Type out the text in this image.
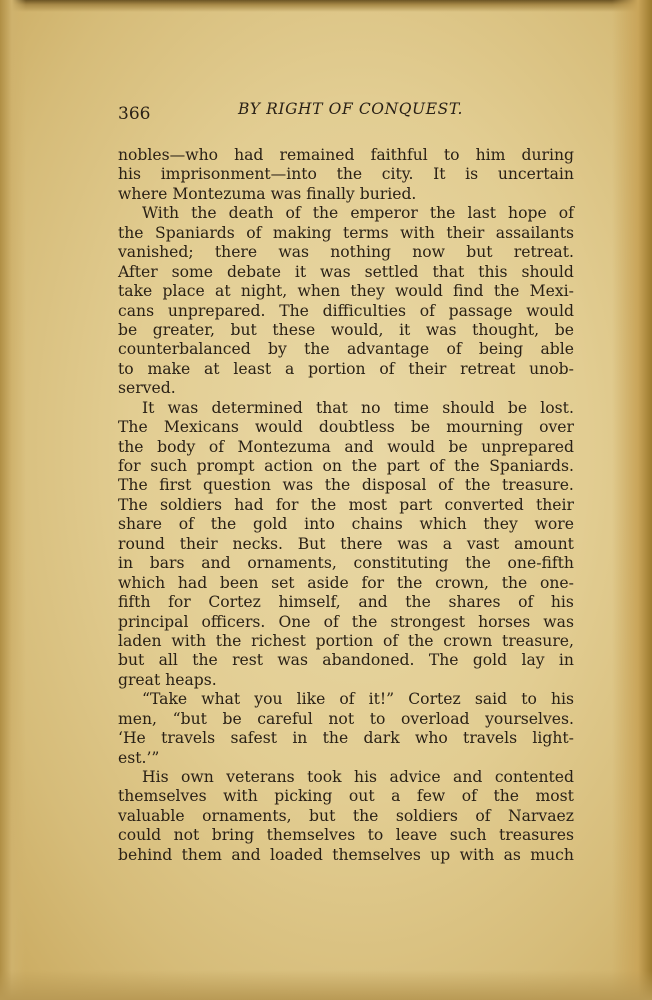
366	BY RIGHT OF CONQUEST.
nobles—who had remained faithful to him during
his imprisonment—into the city. It is uncertain
where Montezuma was finally buried.
With the death of the emperor the last hope of
the Spaniards of making terms with their assailants
vanished; there was nothing now but retreat.
After some debate it was settled that this should
take place at night, when they would find the Mexi-
cans unprepared. The difficulties of passage would
be greater, but these would, it was thought, be
counterbalanced by the advantage of being able
to make at least a portion of their retreat unob-
served.
It was determined that no time should be lost.
The Mexicans would doubtless be mourning over
the body of Montezuma and would be unprepared
for such prompt action on the part of the Spaniards.
The first question was the disposal of the treasure.
The soldiers had for the most part converted their
share of the gold into chains which they wore
round their necks. But there was a vast amount
in bars and ornaments, constituting the one-fifth
which had been set aside for the crown, the one-
fifth for Cortez himself, and the shares of his
principal officers. One of the strongest horses was
laden with the richest portion of the crown treasure,
but all the rest was abandoned. The gold lay in
great heaps.
“Take what you like of it!” Cortez said to his
men, “but be careful not to overload yourselves.
‘He travels safest in the dark who travels light-
est.’”
His own veterans took his advice and contented
themselves with picking out a few of the most
valuable ornaments, but the soldiers of Narvaez
could not bring themselves to leave such treasures
behind them and loaded themselves up with as much
